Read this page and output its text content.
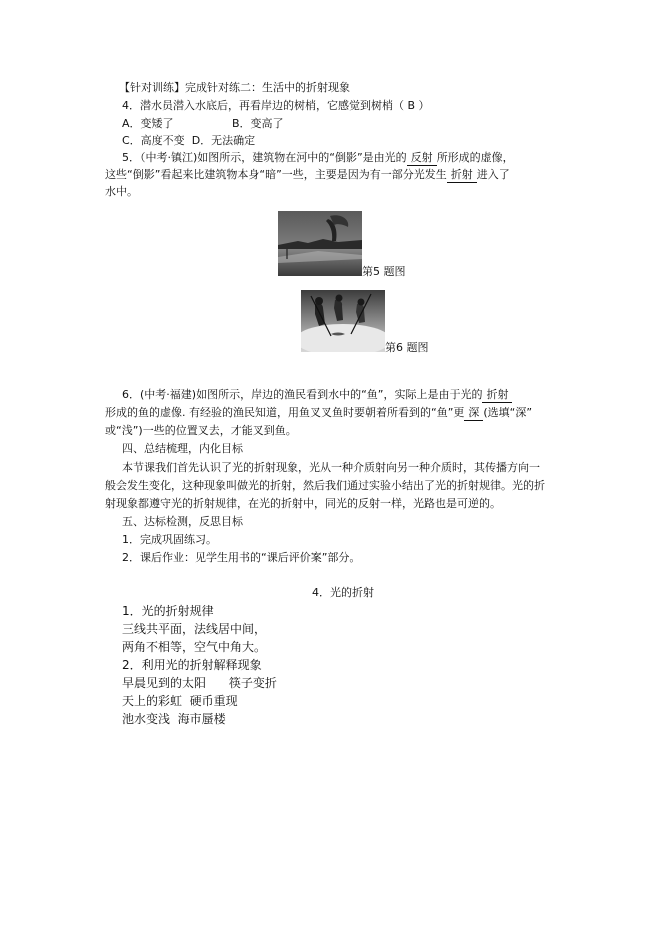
【针对训练】完成针对练二：生活中的折射现象
4．潜水员潜入水底后，再看岸边的树梢，它感觉到树梢（ B ）
A．变矮了	B．变高了
C．高度不变 D．无法确定
5．（中考·镇江)如图所示，建筑物在河中的“倒影”是由光的 反射 所形成的虚像，
这些“倒影”看起来比建筑物本身“暗”一些，主要是因为有一部分光发生 折射 进入了
水中。
第5 题图
第6 题图
6．(中考·福建)如图所示，岸边的渔民看到水中的“鱼”，实际上是由于光的 折射
形成的鱼的虚像. 有经验的渔民知道，用鱼叉叉鱼时要朝着所看到的“鱼”更 深 (选填“深”
或“浅”)一些的位置叉去，才能叉到鱼。
四、总结梳理，内化目标
本节课我们首先认识了光的折射现象，光从一种介质射向另一种介质时，其传播方向一
般会发生变化，这种现象叫做光的折射，然后我们通过实验小结出了光的折射规律。光的折
射现象都遵守光的折射规律，在光的折射中，同光的反射一样，光路也是可逆的。
五、达标检测，反思目标
1．完成巩固练习。
2．课后作业：见学生用书的“课后评价案”部分。
4．光的折射
1．光的折射规律
三线共平面，法线居中间，
两角不相等，空气中角大。
2．利用光的折射解释现象
早晨见到的太阳 筷子变折
天上的彩虹 硬币重现
池水变浅 海市蜃楼
